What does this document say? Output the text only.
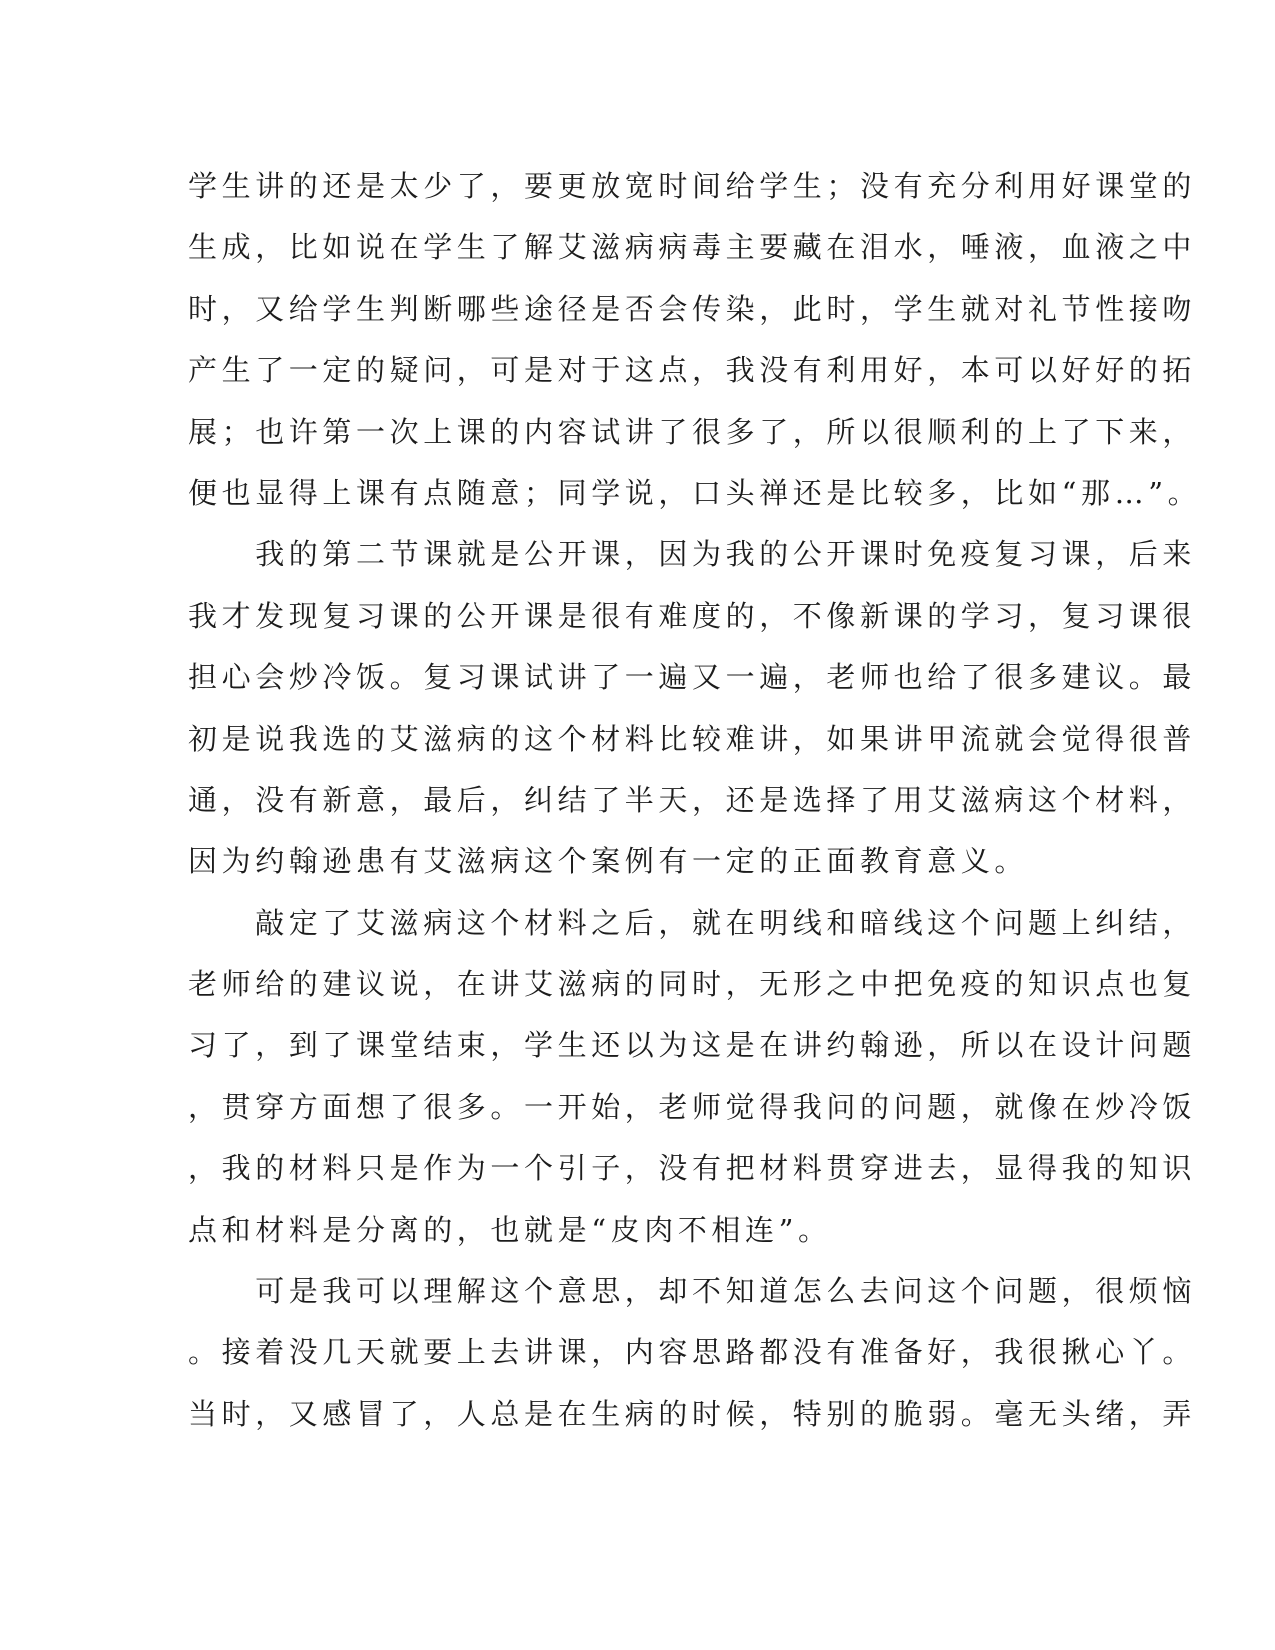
学生讲的还是太少了，要更放宽时间给学生；没有充分利用好课堂的
生成，比如说在学生了解艾滋病病毒主要藏在泪水，唾液，血液之中
时，又给学生判断哪些途径是否会传染，此时，学生就对礼节性接吻
产生了一定的疑问，可是对于这点，我没有利用好，本可以好好的拓
展；也许第一次上课的内容试讲了很多了，所以很顺利的上了下来，
便也显得上课有点随意；同学说，口头禅还是比较多，比如“那…”。
　　我的第二节课就是公开课，因为我的公开课时免疫复习课，后来
我才发现复习课的公开课是很有难度的，不像新课的学习，复习课很
担心会炒冷饭。复习课试讲了一遍又一遍，老师也给了很多建议。最
初是说我选的艾滋病的这个材料比较难讲，如果讲甲流就会觉得很普
通，没有新意，最后，纠结了半天，还是选择了用艾滋病这个材料，
因为约翰逊患有艾滋病这个案例有一定的正面教育意义。
　　敲定了艾滋病这个材料之后，就在明线和暗线这个问题上纠结，
老师给的建议说，在讲艾滋病的同时，无形之中把免疫的知识点也复
习了，到了课堂结束，学生还以为这是在讲约翰逊，所以在设计问题
，贯穿方面想了很多。一开始，老师觉得我问的问题，就像在炒冷饭
，我的材料只是作为一个引子，没有把材料贯穿进去，显得我的知识
点和材料是分离的，也就是“皮肉不相连”。
　　可是我可以理解这个意思，却不知道怎么去问这个问题，很烦恼
。接着没几天就要上去讲课，内容思路都没有准备好，我很揪心丫。
当时，又感冒了，人总是在生病的时候，特别的脆弱。毫无头绪，弄
